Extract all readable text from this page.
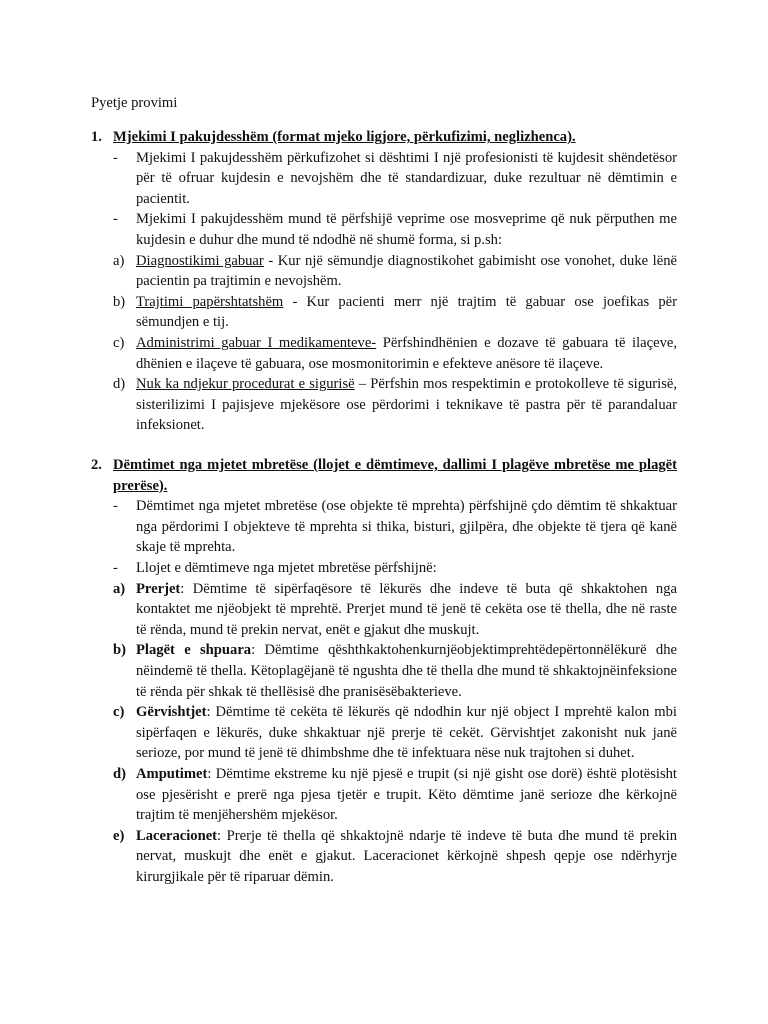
Pyetje provimi

1. Mjekimi I pakujdesshëm (format mjeko ligjore, përkufizimi, neglizhenca).
- Mjekimi I pakujdesshëm përkufizohet si dështimi I një profesionisti të kujdesit shëndetësor për të ofruar kujdesin e nevojshëm dhe të standardizuar, duke rezultuar në dëmtimin e pacientit.
- Mjekimi I pakujdesshëm mund të përfshijë veprime ose mosveprime që nuk përputhen me kujdesin e duhur dhe mund të ndodhë në shumë forma, si p.sh:
a) Diagnostikimi gabuar - Kur një sëmundje diagnostikohet gabimisht ose vonohet, duke lënë pacientin pa trajtimin e nevojshëm.
b) Trajtimi papërshtatshëm - Kur pacienti merr një trajtim të gabuar ose joefikas për sëmundjen e tij.
c) Administrimi gabuar I medikamenteve- Përfshindhënien e dozave të gabuara të ilaçeve, dhënien e ilaçeve të gabuara, ose mosmonitorimin e efekteve anësore të ilaçeve.
d) Nuk ka ndjekur procedurat e sigurisë – Përfshin mos respektimin e protokolleve të sigurisë, sisterilizimi I pajisjeve mjekësore ose përdorimi i teknikave të pastra për të parandaluar infeksionet.
2. Dëmtimet nga mjetet mbretëse (llojet e dëmtimeve, dallimi I plagëve mbretëse me plagët prerëse).
- Dëmtimet nga mjetet mbretëse (ose objekte të mprehta) përfshijnë çdo dëmtim të shkaktuar nga përdorimi I objekteve të mprehta si thika, bisturi, gjilpëra, dhe objekte të tjera që kanë skaje të mprehta.
- Llojet e dëmtimeve nga mjetet mbretëse përfshijnë:
a) Prerjet: Dëmtime të sipërfaqësore të lëkurës dhe indeve të buta që shkaktohen nga kontaktet me njëobjekt të mprehtë. Prerjet mund të jenë të cekëta ose të thella, dhe në raste të rënda, mund të prekin nervat, enët e gjakut dhe muskujt.
b) Plagët e shpuara: Dëmtime qështhkaktohenkurnjëobjektimprehtëdepërtonnëlëkurë dhe nëindemë të thella. Këtoplagëjanë të ngushta dhe të thella dhe mund të shkaktojnëinfeksione të rënda për shkak të thellësisë dhe pranisësëbakterieve.
c) Gërvishtjet: Dëmtime të cekëta të lëkurës që ndodhin kur një object I mprehtë kalon mbi sipërfaqen e lëkurës, duke shkaktuar një prerje të cekët. Gërvishtjet zakonisht nuk janë serioze, por mund të jenë të dhimbshme dhe të infektuara nëse nuk trajtohen si duhet.
d) Amputimet: Dëmtime ekstreme ku një pjesë e trupit (si një gisht ose dorë) është plotësisht ose pjesërisht e prerë nga pjesa tjetër e trupit. Këto dëmtime janë serioze dhe kërkojnë trajtim të menjëhershëm mjekësor.
e) Laceracionet: Prerje të thella që shkaktojnë ndarje të indeve të buta dhe mund të prekin nervat, muskujt dhe enët e gjakut. Laceracionet kërkojnë shpesh qepje ose ndërhyrje kirurgjikale për të riparuar dëmin.
